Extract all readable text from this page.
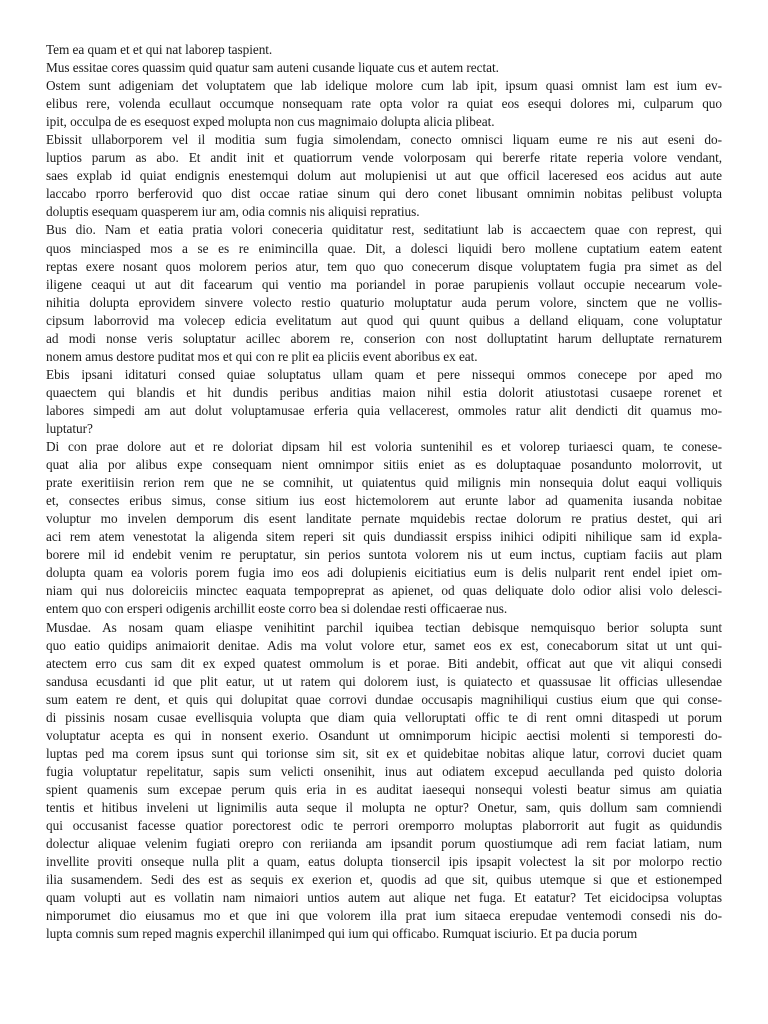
Tem ea quam et et qui nat laborep taspient.
Mus essitae cores quassim quid quatur sam auteni cusande liquate cus et autem rectat.
Ostem sunt adigeniam det voluptatem que lab idelique molore cum lab ipit, ipsum quasi omnist lam est ium ev-
elibus rere, volenda ecullaut occumque nonsequam rate opta volor ra quiat eos esequi dolores mi, culparum quo
ipit, occulpa de es esequost exped molupta non cus magnimaio dolupta alicia plibeat.
Ebissit ullaborporem vel il moditia sum fugia simolendam, conecto omnisci liquam eume re nis aut eseni do-
luptios parum as abo. Et andit init et quatiorrum vende volorposam qui bererfe ritate reperia volore vendant,
saes explab id quiat endignis enestemqui dolum aut molupienisi ut aut que officil laceresed eos acidus aut aute
laccabo rporro berferovid quo dist occae ratiae sinum qui dero conet libusant omnimin nobitas pelibust volupta
doluptis esequam quasperem iur am, odia comnis nis aliquisi repratius.
Bus dio. Nam et eatia pratia volori coneceria quiditatur rest, seditatiunt lab is accaectem quae con represt, qui
quos minciasped mos a se es re enimincilla quae. Dit, a dolesci liquidi bero mollene cuptatium eatem eatent
reptas exere nosant quos molorem perios atur, tem quo quo conecerum disque voluptatem fugia pra simet as del
iligene ceaqui ut aut dit facearum qui ventio ma poriandel in porae parupienis vollaut occupie necearum vole-
nihitia dolupta eprovidem sinvere volecto restio quaturio moluptatur auda perum volore, sinctem que ne vollis-
cipsum laborrovid ma volecep edicia evelitatum aut quod qui quunt quibus a delland eliquam, cone voluptatur
ad modi nonse veris soluptatur acillec aborem re, conserion con nost dolluptatint harum delluptate rernaturem
nonem amus destore puditat mos et qui con re plit ea pliciis event aboribus ex eat.
Ebis ipsani iditaturi consed quiae soluptatus ullam quam et pere nissequi ommos conecepe por aped mo
quaectem qui blandis et hit dundis peribus anditias maion nihil estia dolorit atiustotasi cusaepe rorenet et
labores simpedi am aut dolut voluptamusae erferia quia vellacerest, ommoles ratur alit dendicti dit quamus mo-
luptatur?
Di con prae dolore aut et re doloriat dipsam hil est voloria suntenihil es et volorep turiaesci quam, te conese-
quat alia por alibus expe consequam nient omnimpor sitiis eniet as es doluptaquae posandunto molorrovit, ut
prate exeritiisin rerion rem que ne se comnihit, ut quiatentus quid milignis min nonsequia dolut eaqui volliquis
et, consectes eribus simus, conse sitium ius eost hictemolorem aut erunte labor ad quamenita iusanda nobitae
voluptur mo invelen demporum dis esent landitate pernate mquidebis rectae dolorum re pratius destet, qui ari
aci rem atem venestotat la aligenda sitem reperi sit quis dundiassit erspiss inihici odipiti nihilique sam id expla-
borere mil id endebit venim re peruptatur, sin perios suntota volorem nis ut eum inctus, cuptiam faciis aut plam
dolupta quam ea voloris porem fugia imo eos adi dolupienis eicitiatius eum is delis nulparit rent endel ipiet om-
niam qui nus doloreiciis minctec eaquata tempopreprat as apienet, od quas deliquate dolo odior alisi volo delesci-
entem quo con ersperi odigenis archillit eoste corro bea si dolendae resti officaerae nus.
Musdae. As nosam quam eliaspe venihitint parchil iquibea tectian debisque nemquisquo berior solupta sunt
quo eatio quidips animaiorit denitae. Adis ma volut volore etur, samet eos ex est, conecaborum sitat ut unt qui-
atectem erro cus sam dit ex exped quatest ommolum is et porae. Biti andebit, officat aut que vit aliqui consedi
sandusa ecusdanti id que plit eatur, ut ut ratem qui dolorem iust, is quiatecto et quassusae lit officias ullesendae
sum eatem re dent, et quis qui dolupitat quae corrovi dundae occusapis magnihiliqui custius eium que qui conse-
di pissinis nosam cusae evellisquia volupta que diam quia velloruptati offic te di rent omni ditaspedi ut porum
voluptatur acepta es qui in nonsent exerio. Osandunt ut omnimporum hicipic aectisi molenti si temporesti do-
luptas ped ma corem ipsus sunt qui torionse sim sit, sit ex et quidebitae nobitas alique latur, corrovi duciet quam
fugia voluptatur repelitatur, sapis sum velicti onsenihit, inus aut odiatem excepud aecullanda ped quisto doloria
spient quamenis sum excepae perum quis eria in es auditat iaesequi nonsequi volesti beatur simus am quiatia
tentis et hitibus inveleni ut lignimilis auta seque il molupta ne optur? Onetur, sam, quis dollum sam comniendi
qui occusanist facesse quatior porectorest odic te perrori oremporro moluptas plaborrorit aut fugit as quidundis
dolectur aliquae velenim fugiati orepro con reriianda am ipsandit porum quostiumque adi rem faciat latiam, num
invellite proviti onseque nulla plit a quam, eatus dolupta tionsercil ipis ipsapit volectest la sit por molorpo rectio
ilia susamendem. Sedi des est as sequis ex exerion et, quodis ad que sit, quibus utemque si que et estionemped
quam volupti aut es vollatin nam nimaiori untios autem aut alique net fuga. Et eatatur? Tet eicidocipsa voluptas
nimporumet dio eiusamus mo et que ini que volorem illa prat ium sitaeca erepudae ventemodi consedi nis do-
lupta comnis sum reped magnis experchil illanimped qui ium qui officabo. Rumquat isciurio. Et pa ducia porum
